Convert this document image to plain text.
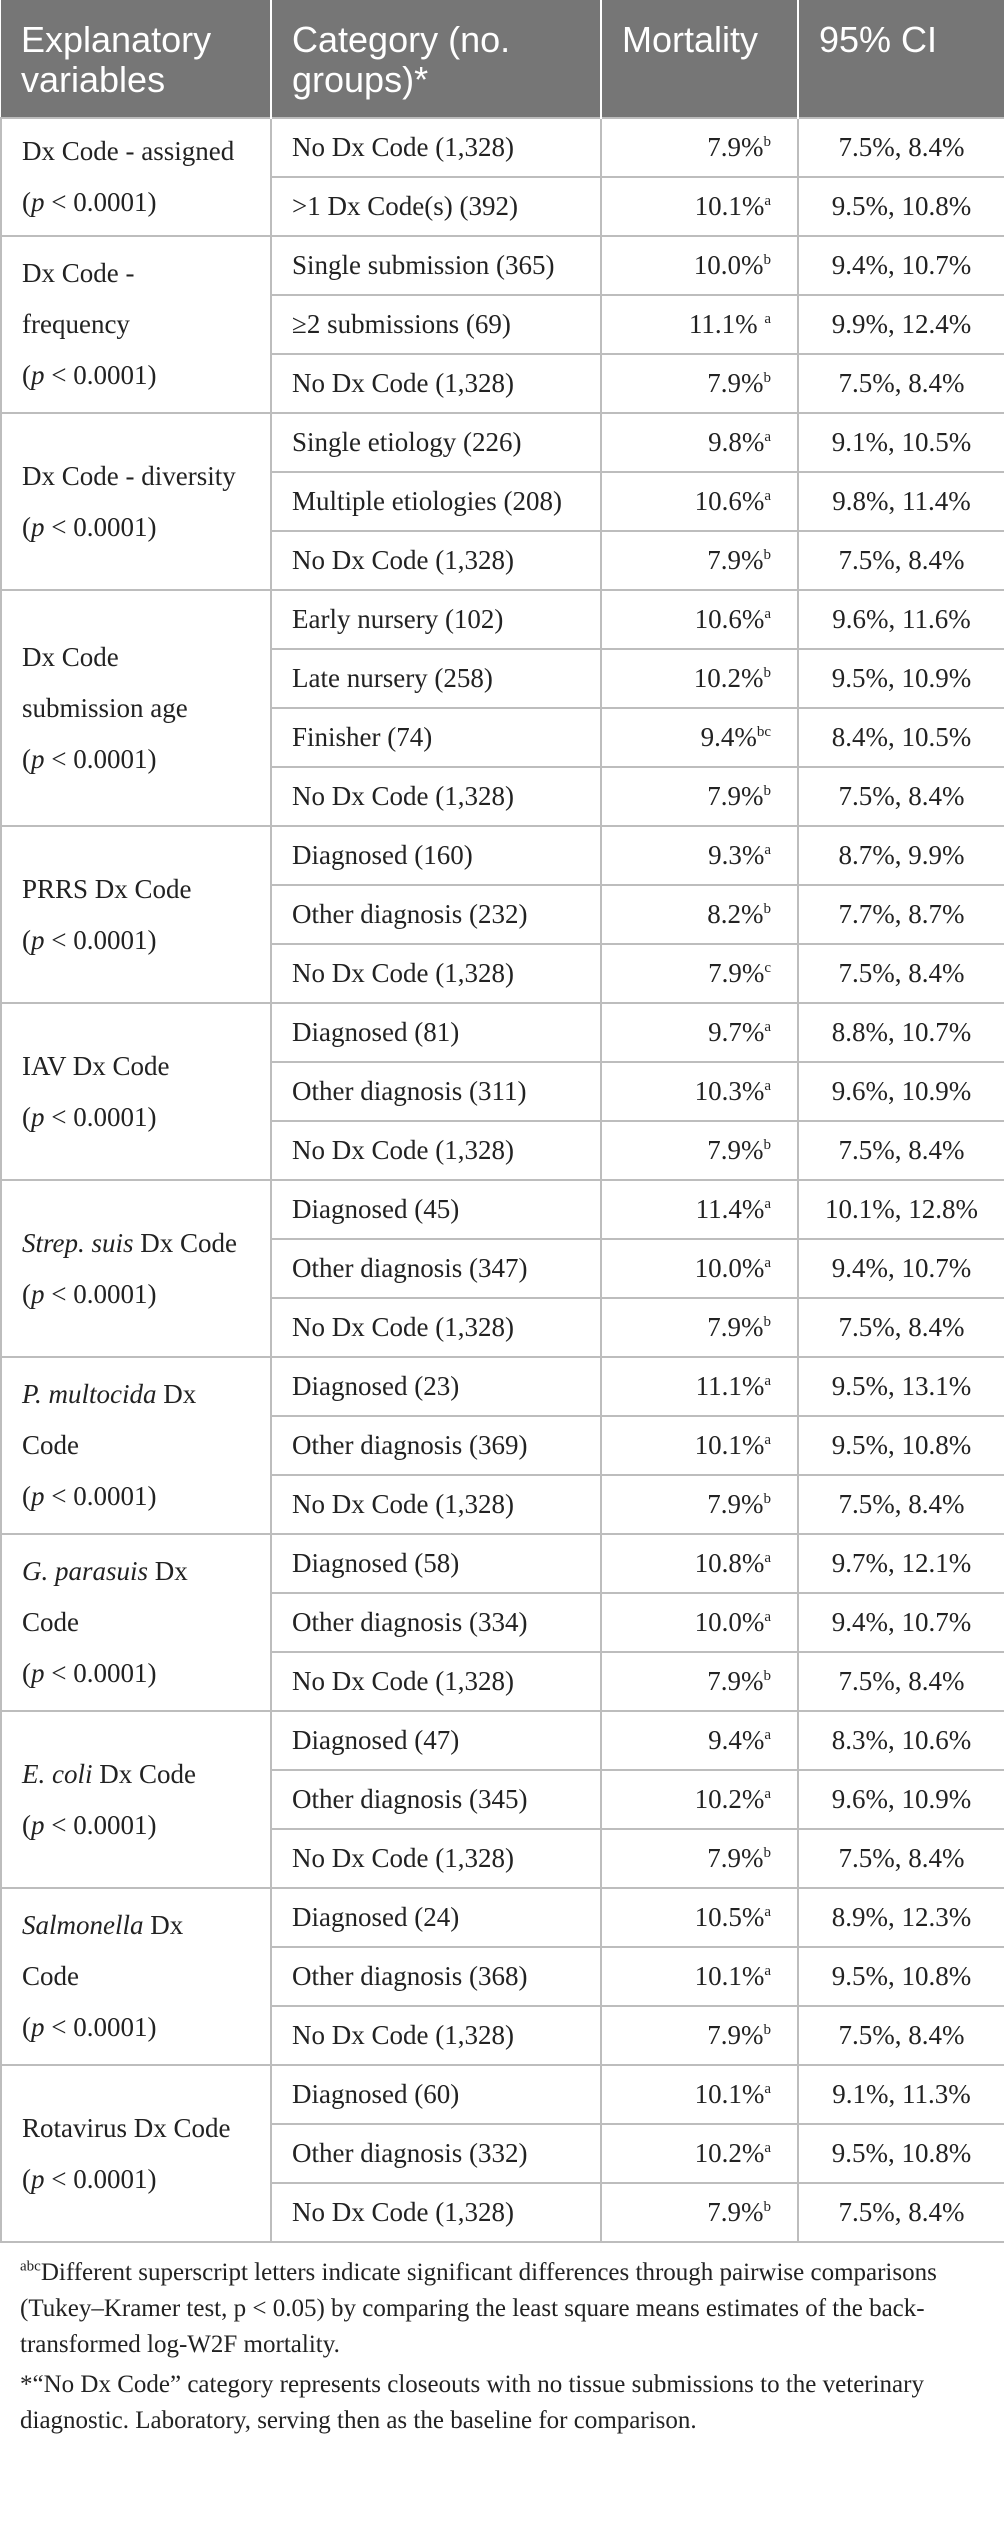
Explanatory variables	Category (no. groups)*	Mortality	95% CI

Dx Code - assigned
(p < 0.0001)	No Dx Code (1,328)	7.9%$^b$	7.5%, 8.4%
	>1 Dx Code(s) (392)	10.1%$^a$	9.5%, 10.8%

Dx Code -
frequency
(p < 0.0001)	Single submission (365)	10.0%$^b$	9.4%, 10.7%
	≥2 submissions (69)	11.1% $^a$	9.9%, 12.4%
	No Dx Code (1,328)	7.9%$^b$	7.5%, 8.4%

Dx Code - diversity
(p < 0.0001)	Single etiology (226)	9.8%$^a$	9.1%, 10.5%
	Multiple etiologies (208)	10.6%$^a$	9.8%, 11.4%
	No Dx Code (1,328)	7.9%$^b$	7.5%, 8.4%

Dx Code
submission age
(p < 0.0001)	Early nursery (102)	10.6%$^a$	9.6%, 11.6%
	Late nursery (258)	10.2%$^b$	9.5%, 10.9%
	Finisher (74)	9.4%$^{bc}$	8.4%, 10.5%
	No Dx Code (1,328)	7.9%$^b$	7.5%, 8.4%

PRRS Dx Code
(p < 0.0001)	Diagnosed (160)	9.3%$^a$	8.7%, 9.9%
	Other diagnosis (232)	8.2%$^b$	7.7%, 8.7%
	No Dx Code (1,328)	7.9%$^c$	7.5%, 8.4%

IAV Dx Code
(p < 0.0001)	Diagnosed (81)	9.7%$^a$	8.8%, 10.7%
	Other diagnosis (311)	10.3%$^a$	9.6%, 10.9%
	No Dx Code (1,328)	7.9%$^b$	7.5%, 8.4%

Strep. suis Dx Code
(p < 0.0001)	Diagnosed (45)	11.4%$^a$	10.1%, 12.8%
	Other diagnosis (347)	10.0%$^a$	9.4%, 10.7%
	No Dx Code (1,328)	7.9%$^b$	7.5%, 8.4%

P. multocida Dx
Code
(p < 0.0001)	Diagnosed (23)	11.1%$^a$	9.5%, 13.1%
	Other diagnosis (369)	10.1%$^a$	9.5%, 10.8%
	No Dx Code (1,328)	7.9%$^b$	7.5%, 8.4%

G. parasuis Dx
Code
(p < 0.0001)	Diagnosed (58)	10.8%$^a$	9.7%, 12.1%
	Other diagnosis (334)	10.0%$^a$	9.4%, 10.7%
	No Dx Code (1,328)	7.9%$^b$	7.5%, 8.4%

E. coli Dx Code
(p < 0.0001)	Diagnosed (47)	9.4%$^a$	8.3%, 10.6%
	Other diagnosis (345)	10.2%$^a$	9.6%, 10.9%
	No Dx Code (1,328)	7.9%$^b$	7.5%, 8.4%

Salmonella Dx
Code
(p < 0.0001)	Diagnosed (24)	10.5%$^a$	8.9%, 12.3%
	Other diagnosis (368)	10.1%$^a$	9.5%, 10.8%
	No Dx Code (1,328)	7.9%$^b$	7.5%, 8.4%

Rotavirus Dx Code
(p < 0.0001)	Diagnosed (60)	10.1%$^a$	9.1%, 11.3%
	Other diagnosis (332)	10.2%$^a$	9.5%, 10.8%
	No Dx Code (1,328)	7.9%$^b$	7.5%, 8.4%

$^{abc}$Different superscript letters indicate significant differences through pairwise comparisons (Tukey–Kramer test, p < 0.05) by comparing the least square means estimates of the back-transformed log-W2F mortality.

*“No Dx Code” category represents closeouts with no tissue submissions to the veterinary diagnostic. Laboratory, serving then as the baseline for comparison.
